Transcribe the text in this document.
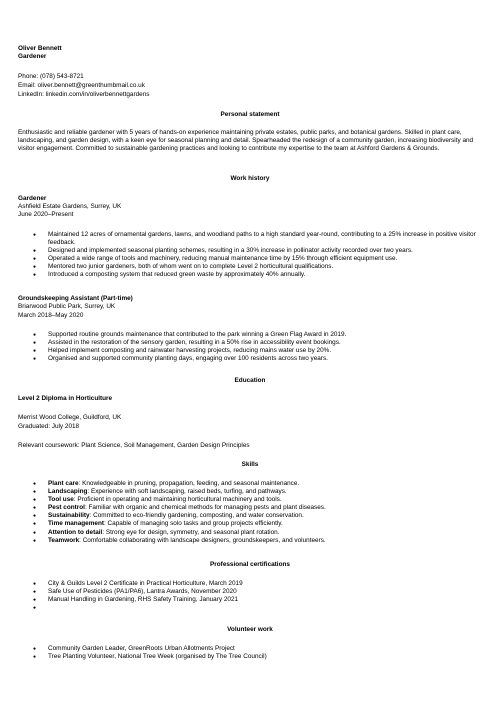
Oliver Bennett
Gardener
Phone: (078) 543-8721
Email: oliver.bennett@greenthumbmail.co.uk
LinkedIn: linkedin.com/in/oliverbennettgardens
Personal statement
Enthusiastic and reliable gardener with 5 years of hands-on experience maintaining private estates, public parks, and botanical gardens. Skilled in plant care, landscaping, and garden design, with a keen eye for seasonal planning and detail. Spearheaded the redesign of a community garden, increasing biodiversity and visitor engagement. Committed to sustainable gardening practices and looking to contribute my expertise to the team at Ashford Gardens & Grounds.
Work history
Gardener
Ashfield Estate Gardens, Surrey, UK
June 2020–Present
● Maintained 12 acres of ornamental gardens, lawns, and woodland paths to a high standard year-round, contributing to a 25% increase in positive visitor feedback.
● Designed and implemented seasonal planting schemes, resulting in a 30% increase in pollinator activity recorded over two years.
● Operated a wide range of tools and machinery, reducing manual maintenance time by 15% through efficient equipment use.
● Mentored two junior gardeners, both of whom went on to complete Level 2 horticultural qualifications.
● Introduced a composting system that reduced green waste by approximately 40% annually.
Groundskeeping Assistant (Part-time)
Briarwood Public Park, Surrey, UK
March 2018–May 2020
● Supported routine grounds maintenance that contributed to the park winning a Green Flag Award in 2019.
● Assisted in the restoration of the sensory garden, resulting in a 50% rise in accessibility event bookings.
● Helped implement composting and rainwater harvesting projects, reducing mains water use by 20%.
● Organised and supported community planting days, engaging over 100 residents across two years.
Education
Level 2 Diploma in Horticulture
Merrist Wood College, Guildford, UK
Graduated: July 2018
Relevant coursework: Plant Science, Soil Management, Garden Design Principles
Skills
● Plant care: Knowledgeable in pruning, propagation, feeding, and seasonal maintenance.
● Landscaping: Experience with soft landscaping, raised beds, turfing, and pathways.
● Tool use: Proficient in operating and maintaining horticultural machinery and tools.
● Pest control: Familiar with organic and chemical methods for managing pests and plant diseases.
● Sustainability: Committed to eco-friendly gardening, composting, and water conservation.
● Time management: Capable of managing solo tasks and group projects efficiently.
● Attention to detail: Strong eye for design, symmetry, and seasonal plant rotation.
● Teamwork: Comfortable collaborating with landscape designers, groundskeepers, and volunteers.
Professional certifications
● City & Guilds Level 2 Certificate in Practical Horticulture, March 2019
● Safe Use of Pesticides (PA1/PA6), Lantra Awards, November 2020
● Manual Handling in Gardening, RHS Safety Training, January 2021
●
Volunteer work
● Community Garden Leader, GreenRoots Urban Allotments Project
● Tree Planting Volunteer, National Tree Week (organised by The Tree Council)
